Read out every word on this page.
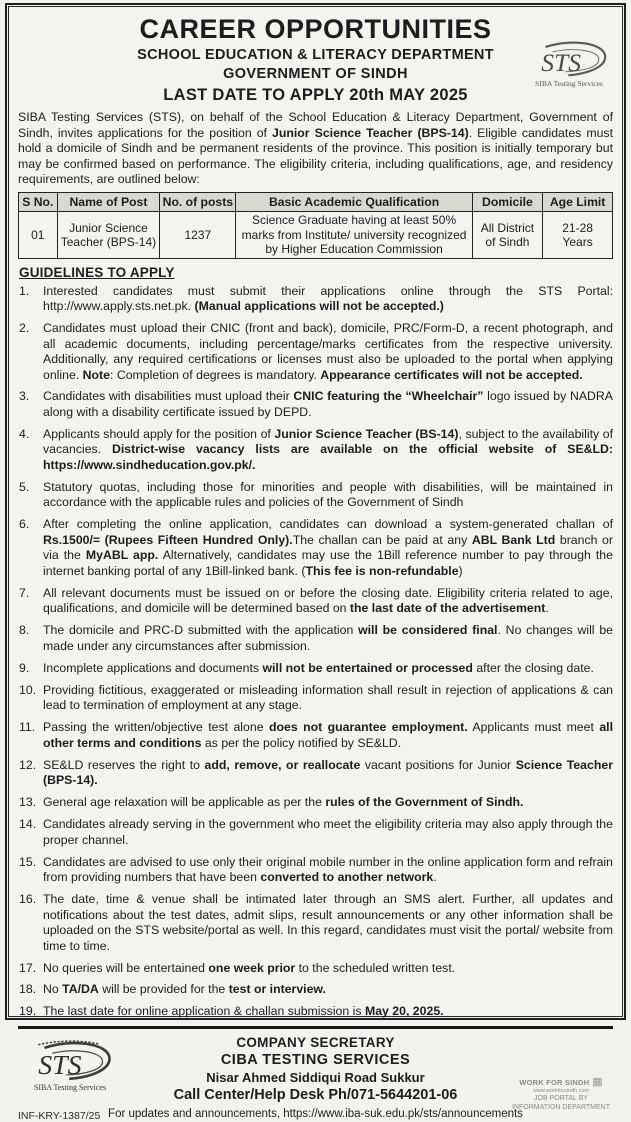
CAREER OPPORTUNITIES
SCHOOL EDUCATION & LITERACY DEPARTMENT
GOVERNMENT OF SINDH
LAST DATE TO APPLY 20th MAY 2025
STS
SIBA Testing Services

SIBA Testing Services (STS), on behalf of the School Education & Literacy Department, Government of Sindh, invites applications for the position of Junior Science Teacher (BPS-14). Eligible candidates must hold a domicile of Sindh and be permanent residents of the province. This position is initially temporary but may be confirmed based on performance. The eligibility criteria, including qualifications, age, and residency requirements, are outlined below:

S No.	Name of Post	No. of posts	Basic Academic Qualification	Domicile	Age Limit
01	Junior Science Teacher (BPS-14)	1237	Science Graduate having at least 50% marks from Institute/ university recognized by Higher Education Commission	All District of Sindh	21-28 Years
GUIDELINES TO APPLY
Interested candidates must submit their applications online through the STS Portal: http://www.apply.sts.net.pk. (Manual applications will not be accepted.)
Candidates must upload their CNIC (front and back), domicile, PRC/Form-D, a recent photograph, and all academic documents, including percentage/marks certificates from the respective university. Additionally, any required certifications or licenses must also be uploaded to the portal when applying online. Note: Completion of degrees is mandatory. Appearance certificates will not be accepted.
Candidates with disabilities must upload their CNIC featuring the “Wheelchair” logo issued by NADRA along with a disability certificate issued by DEPD.
Applicants should apply for the position of Junior Science Teacher (BS-14), subject to the availability of vacancies. District-wise vacancy lists are available on the official website of SE&LD: https://www.sindheducation.gov.pk/.
Statutory quotas, including those for minorities and people with disabilities, will be maintained in accordance with the applicable rules and policies of the Government of Sindh
After completing the online application, candidates can download a system-generated challan of Rs.1500/= (Rupees Fifteen Hundred Only).The challan can be paid at any ABL Bank Ltd branch or via the MyABL app. Alternatively, candidates may use the 1Bill reference number to pay through the internet banking portal of any 1Bill-linked bank. (This fee is non-refundable)
All relevant documents must be issued on or before the closing date. Eligibility criteria related to age, qualifications, and domicile will be determined based on the last date of the advertisement.
The domicile and PRC-D submitted with the application will be considered final. No changes will be made under any circumstances after submission.
Incomplete applications and documents will not be entertained or processed after the closing date.
Providing fictitious, exaggerated or misleading information shall result in rejection of applications & can lead to termination of employment at any stage.
Passing the written/objective test alone does not guarantee employment. Applicants must meet all other terms and conditions as per the policy notified by SE&LD.
SE&LD reserves the right to add, remove, or reallocate vacant positions for Junior Science Teacher (BPS-14).
General age relaxation will be applicable as per the rules of the Government of Sindh.
Candidates already serving in the government who meet the eligibility criteria may also apply through the proper channel.
Candidates are advised to use only their original mobile number in the online application form and refrain from providing numbers that have been converted to another network.
The date, time & venue shall be intimated later through an SMS alert. Further, all updates and notifications about the test dates, admit slips, result announcements or any other information shall be uploaded on the STS website/portal as well. In this regard, candidates must visit the portal/ website from time to time.
No queries will be entertained one week prior to the scheduled written test.
No TA/DA will be provided for the test or interview.
The last date for online application & challan submission is May 20, 2025.
STS
SIBA Testing Services
COMPANY SECRETARY
CIBA TESTING SERVICES
Nisar Ahmed Siddiqui Road Sukkur
Call Center/Help Desk Ph/071-5644201-06
For updates and announcements, https://www.iba-suk.edu.pk/sts/announcements
WORK FOR SINDH ▦
www.workforsindh.com
JOB PORTAL BY
INFORMATION DEPARTMENT
INF-KRY-1387/25
